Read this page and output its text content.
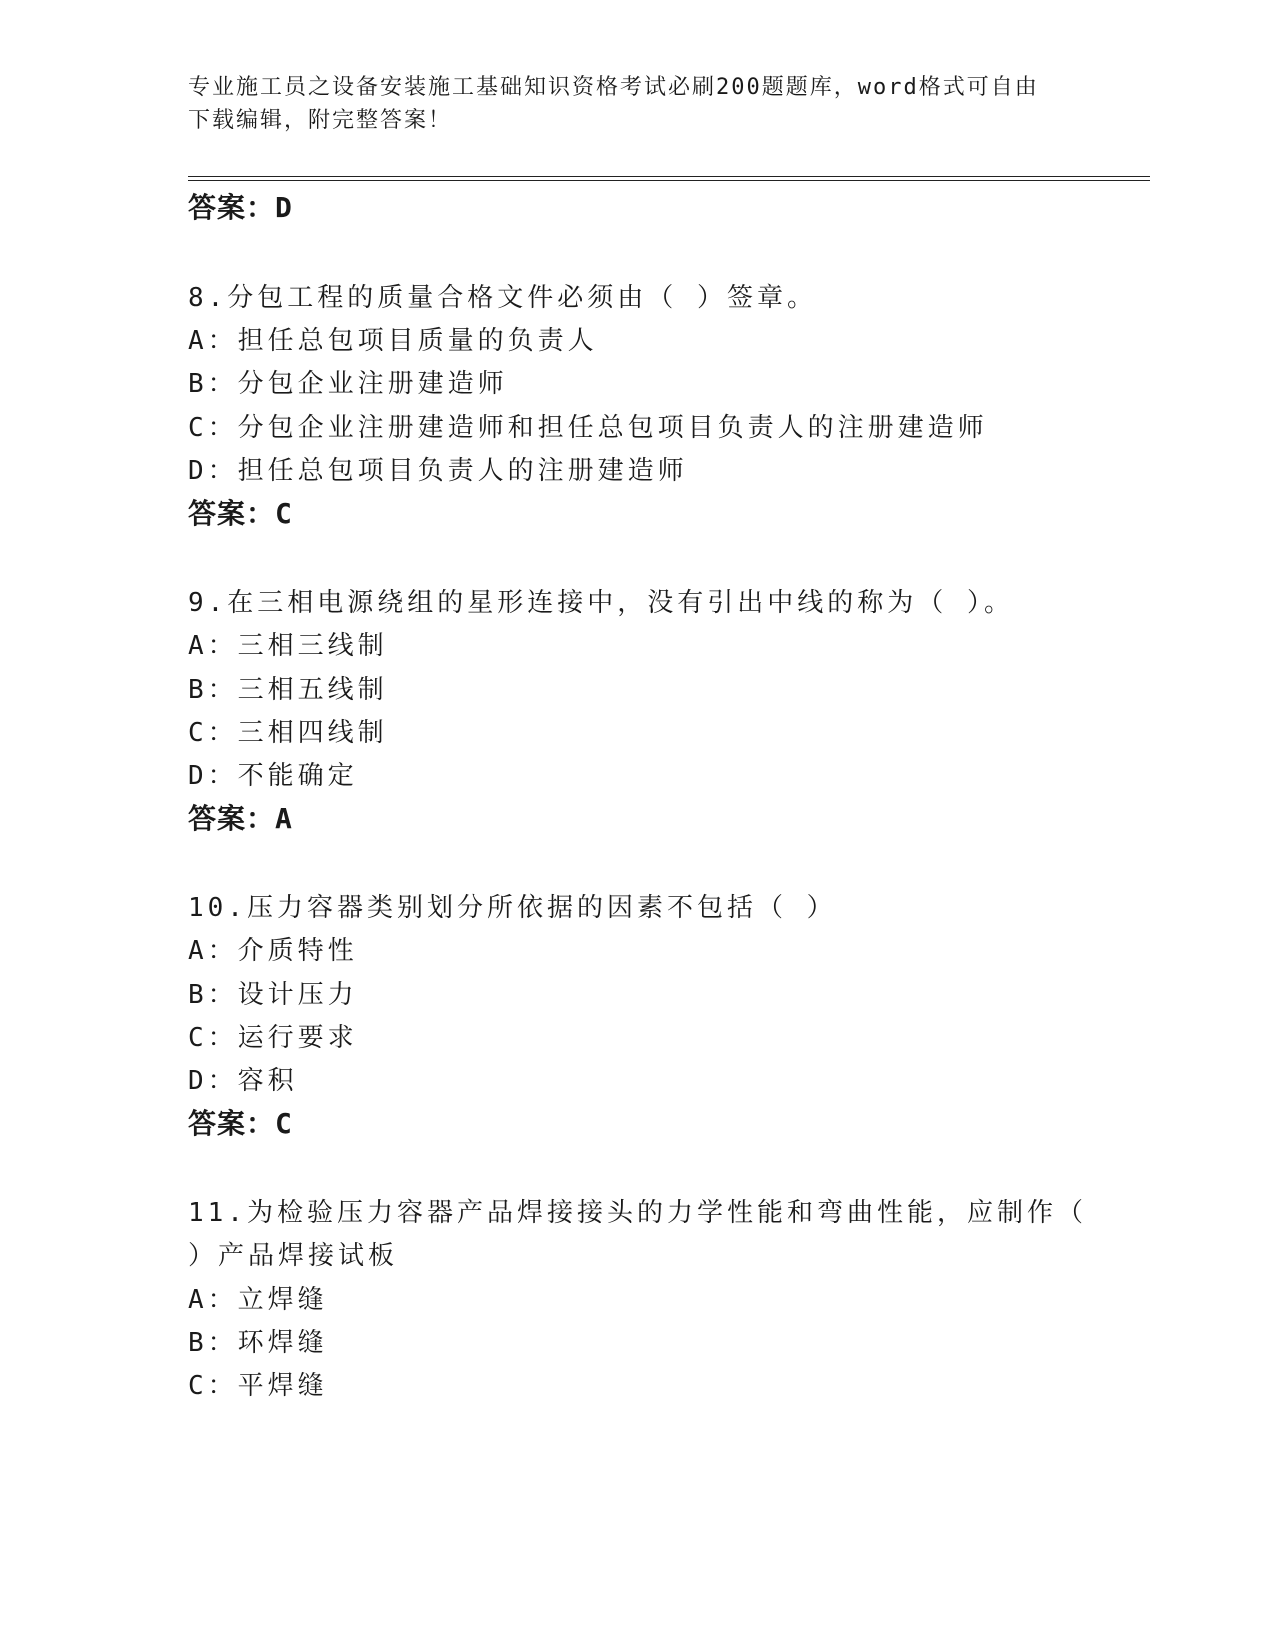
专业施工员之设备安装施工基础知识资格考试必刷200题题库，word格式可自由
下载编辑，附完整答案！
答案：D
8.分包工程的质量合格文件必须由（ ）签章。
A：担任总包项目质量的负责人
B：分包企业注册建造师
C：分包企业注册建造师和担任总包项目负责人的注册建造师
D：担任总包项目负责人的注册建造师
答案：C
9.在三相电源绕组的星形连接中，没有引出中线的称为（ ）。
A：三相三线制
B：三相五线制
C：三相四线制
D：不能确定
答案：A
10.压力容器类别划分所依据的因素不包括（ ）
A：介质特性
B：设计压力
C：运行要求
D：容积
答案：C
11.为检验压力容器产品焊接接头的力学性能和弯曲性能，应制作（
）产品焊接试板
A：立焊缝
B：环焊缝
C：平焊缝
